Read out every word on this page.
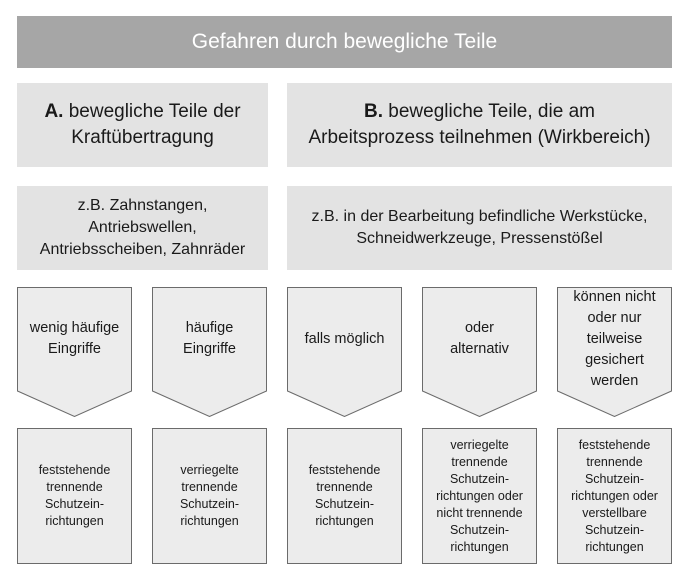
Gefahren durch bewegliche Teile
A. bewegliche Teile der
Kraftübertragung
B. bewegliche Teile, die am
Arbeitsprozess teilnehmen (Wirkbereich)
z.B. Zahnstangen,
Antriebswellen,
Antriebsscheiben, Zahnräder
z.B. in der Bearbeitung befindliche Werkstücke,
Schneidwerkzeuge, Pressenstößel
wenig häufige
Eingriffe
häufige
Eingriffe
falls möglich
oder
alternativ
können nicht
oder nur
teilweise
gesichert
werden
feststehende
trennende
Schutzein-
richtungen
verriegelte
trennende
Schutzein-
richtungen
feststehende
trennende
Schutzein-
richtungen
verriegelte
trennende
Schutzein-
richtungen oder
nicht trennende
Schutzein-
richtungen
feststehende
trennende
Schutzein-
richtungen oder
verstellbare
Schutzein-
richtungen
